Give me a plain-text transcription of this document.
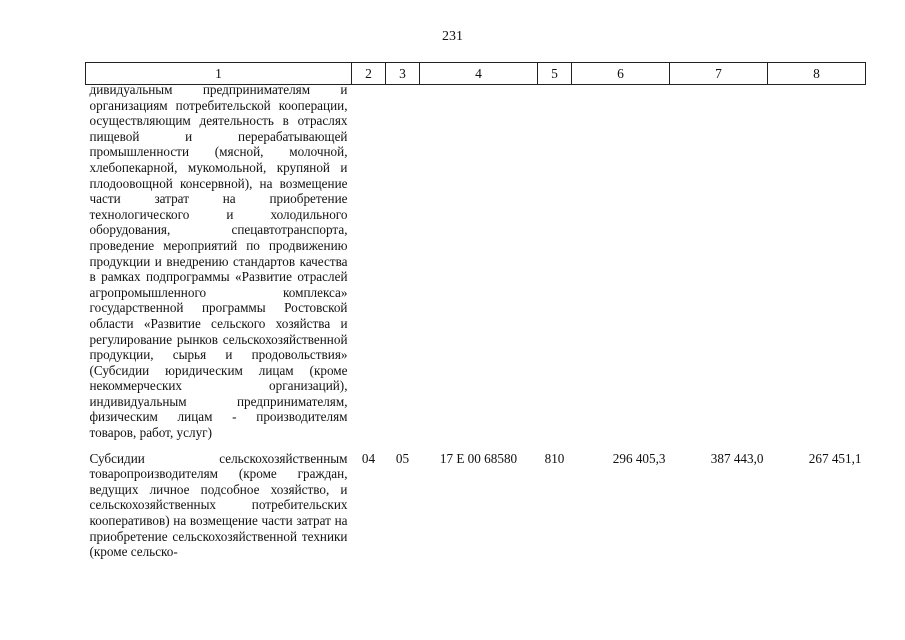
231
1	2	3	4	5	6	7	8

дивидуальным предпринимателям и организациям потребительской кооперации, осуществляющим деятельность в отраслях пищевой и перерабатывающей промышленности (мясной, молочной, хлебопекарной, мукомольной, крупяной и плодоовощной консервной), на возмещение части затрат на приобретение технологического и холодильного оборудования, спецавтотранспорта, проведение мероприятий по продвижению продукции и внедрению стандартов качества в рамках подпрограммы «Развитие отраслей агропромышленного комплекса» государственной программы Ростовской области «Развитие сельского хозяйства и регулирование рынков сельскохозяйственной продукции, сырья и продовольствия» (Субсидии юридическим лицам (кроме некоммерческих организаций), индивидуальным предпринимателям, физическим лицам - производителям товаров, работ, услуг)							

Субсидии сельскохозяйственным товаропроизводителям (кроме граждан, ведущих личное подсобное хозяйство, и сельскохозяйственных потребительских кооперативов) на возмещение части затрат на приобретение сельскохозяйственной техники (кроме сельско-	04	05	17 Е 00 68580	810	296 405,3	387 443,0	267 451,1
